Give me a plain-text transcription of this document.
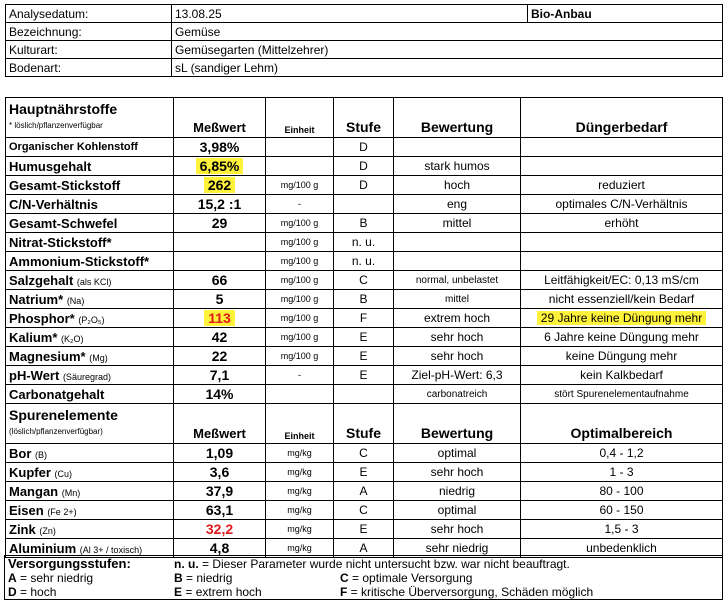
Analysedatum:	13.08.25	Bio-Anbau
Bezeichnung:	Gemüse	
Kulturart:	Gemüsegarten (Mittelzehrer)	
Bodenart:	sL (sandiger Lehm)	
Hauptnährstoffe
* löslich/pflanzenverfügbar	Meßwert	Einheit	Stufe	Bewertung	Düngerbedarf
Organischer Kohlenstoff	3,98%		D		
Humusgehalt	6,85%		D	stark humos	
Gesamt-Stickstoff	262	mg/100 g	D	hoch	reduziert
C/N-Verhältnis	15,2 :1	-		eng	optimales C/N-Verhältnis
Gesamt-Schwefel	29	mg/100 g	B	mittel	erhöht
Nitrat-Stickstoff*		mg/100 g	n. u.		
Ammonium-Stickstoff*		mg/100 g	n. u.		
Salzgehalt (als KCl)	66	mg/100 g	C	normal, unbelastet	Leitfähigkeit/EC: 0,13 mS/cm
Natrium* (Na)	5	mg/100 g	B	mittel	nicht essenziell/kein Bedarf
Phosphor* (P₂O₅)	113	mg/100 g	F	extrem hoch	29 Jahre keine Düngung mehr
Kalium* (K₂O)	42	mg/100 g	E	sehr hoch	6 Jahre keine Düngung mehr
Magnesium* (Mg)	22	mg/100 g	E	sehr hoch	keine Düngung mehr
pH-Wert (Säuregrad)	7,1	-	E	Ziel-pH-Wert: 6,3	kein Kalkbedarf
Carbonatgehalt	14%			carbonatreich	stört Spurenelementaufnahme

Spurenelemente
(löslich/pflanzenverfügbar)	Meßwert	Einheit	Stufe	Bewertung	Optimalbereich
Bor (B)	1,09	mg/kg	C	optimal	0,4 - 1,2
Kupfer (Cu)	3,6	mg/kg	E	sehr hoch	1 - 3
Mangan (Mn)	37,9	mg/kg	A	niedrig	80 - 100
Eisen (Fe 2+)	63,1	mg/kg	C	optimal	60 - 150
Zink (Zn)	32,2	mg/kg	E	sehr hoch	1,5 - 3
Aluminium (Al 3+ / toxisch)	4,8	mg/kg	A	sehr niedrig	unbedenklich
Versorgungsstufen:	n. u. = Dieser Parameter wurde nicht untersucht bzw. war nicht beauftragt.	
A = sehr niedrig	B = niedrig	C = optimale Versorgung
D = hoch	E = extrem hoch	F = kritische Überversorgung, Schäden möglich
